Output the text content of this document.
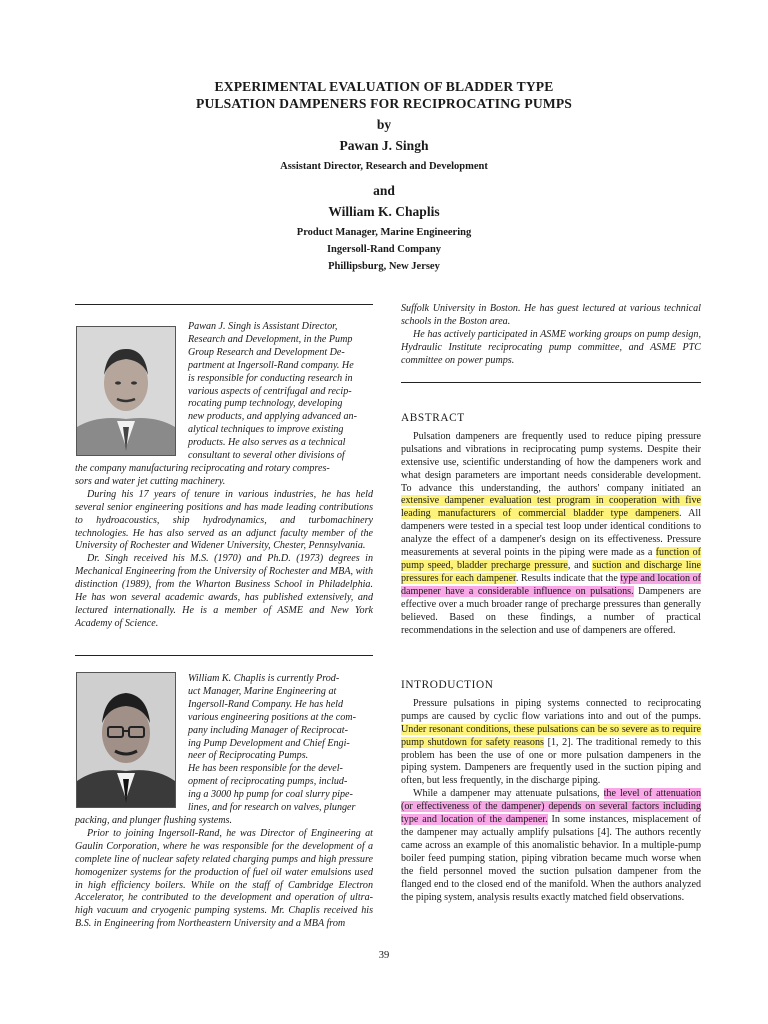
EXPERIMENTAL EVALUATION OF BLADDER TYPE
PULSATION DAMPENERS FOR RECIPROCATING PUMPS
by
Pawan J. Singh
Assistant Director, Research and Development
and
William K. Chaplis
Product Manager, Marine Engineering
Ingersoll-Rand Company
Phillipsburg, New Jersey
Pawan J. Singh is Assistant Director,
Research and Development, in the Pump
Group Research and Development De-
partment at Ingersoll-Rand company. He
is responsible for conducting research in
various aspects of centrifugal and recip-
rocating pump technology, developing
new products, and applying advanced an-
alytical techniques to improve existing
products. He also serves as a technical
consultant to several other divisions of
the company manufacturing reciprocating and rotary compres-
sors and water jet cutting machinery.

During his 17 years of tenure in various industries, he has held several senior engineering positions and has made leading contributions to hydroacoustics, ship hydrodynamics, and turbomachinery technologies. He has also served as an adjunct faculty member of the University of Rochester and Widener University, Chester, Pennsylvania.

Dr. Singh received his M.S. (1970) and Ph.D. (1973) degrees in Mechanical Engineering from the University of Rochester and MBA, with distinction (1989), from the Wharton Business School in Philadelphia. He has won several academic awards, has published extensively, and lectured internationally. He is a member of ASME and New York Academy of Science.

William K. Chaplis is currently Prod-
uct Manager, Marine Engineering at
Ingersoll-Rand Company. He has held
various engineering positions at the com-
pany including Manager of Reciprocat-
ing Pump Development and Chief Engi-
neer of Reciprocating Pumps.
He has been responsible for the devel-
opment of reciprocating pumps, includ-
ing a 3000 hp pump for coal slurry pipe-
lines, and for research on valves, plunger
packing, and plunger flushing systems.

Prior to joining Ingersoll-Rand, he was Director of Engineering at Gaulin Corporation, where he was responsible for the development of a complete line of nuclear safety related charging pumps and high pressure homogenizer systems for the production of fuel oil water emulsions used in high efficiency boilers. While on the staff of Cambridge Electron Accelerator, he contributed to the development and operation of ultra-high vacuum and cryogenic pumping systems. Mr. Chaplis received his B.S. in Engineering from Northeastern University and a MBA from

Suffolk University in Boston. He has guest lectured at various technical schools in the Boston area.

He has actively participated in ASME working groups on pump design, Hydraulic Institute reciprocating pump committee, and ASME PTC committee on power pumps.

ABSTRACT

Pulsation dampeners are frequently used to reduce piping pressure pulsations and vibrations in reciprocating pump systems. Despite their extensive use, scientific understanding of how the dampeners work and what design parameters are important needs considerable development. To advance this understanding, the authors' company initiated an extensive dampener evaluation test program in cooperation with five leading manufacturers of commercial bladder type dampeners. All dampeners were tested in a special test loop under identical conditions to analyze the effect of a dampener's design on its effectiveness. Pressure measurements at several points in the piping were made as a function of pump speed, bladder precharge pressure, and suction and discharge line pressures for each dampener. Results indicate that the type and location of dampener have a considerable influence on pulsations. Dampeners are effective over a much broader range of precharge pressures than generally believed. Based on these findings, a number of practical recommendations in the selection and use of dampeners are offered.

INTRODUCTION

Pressure pulsations in piping systems connected to reciprocating pumps are caused by cyclic flow variations into and out of the pumps. Under resonant conditions, these pulsations can be so severe as to require pump shutdown for safety reasons [1, 2]. The traditional remedy to this problem has been the use of one or more pulsation dampeners in the piping system. Dampeners are frequently used in the suction piping and often, but less frequently, in the discharge piping.

While a dampener may attenuate pulsations, the level of attenuation (or effectiveness of the dampener) depends on several factors including type and location of the dampener. In some instances, misplacement of the dampener may actually amplify pulsations [4]. The authors recently came across an example of this anomalistic behavior. In a multiple-pump boiler feed pumping station, piping vibration became much worse when the field personnel moved the suction pulsation dampener from the flanged end to the closed end of the manifold. When the authors analyzed the piping system, analysis results exactly matched field observations.

39
